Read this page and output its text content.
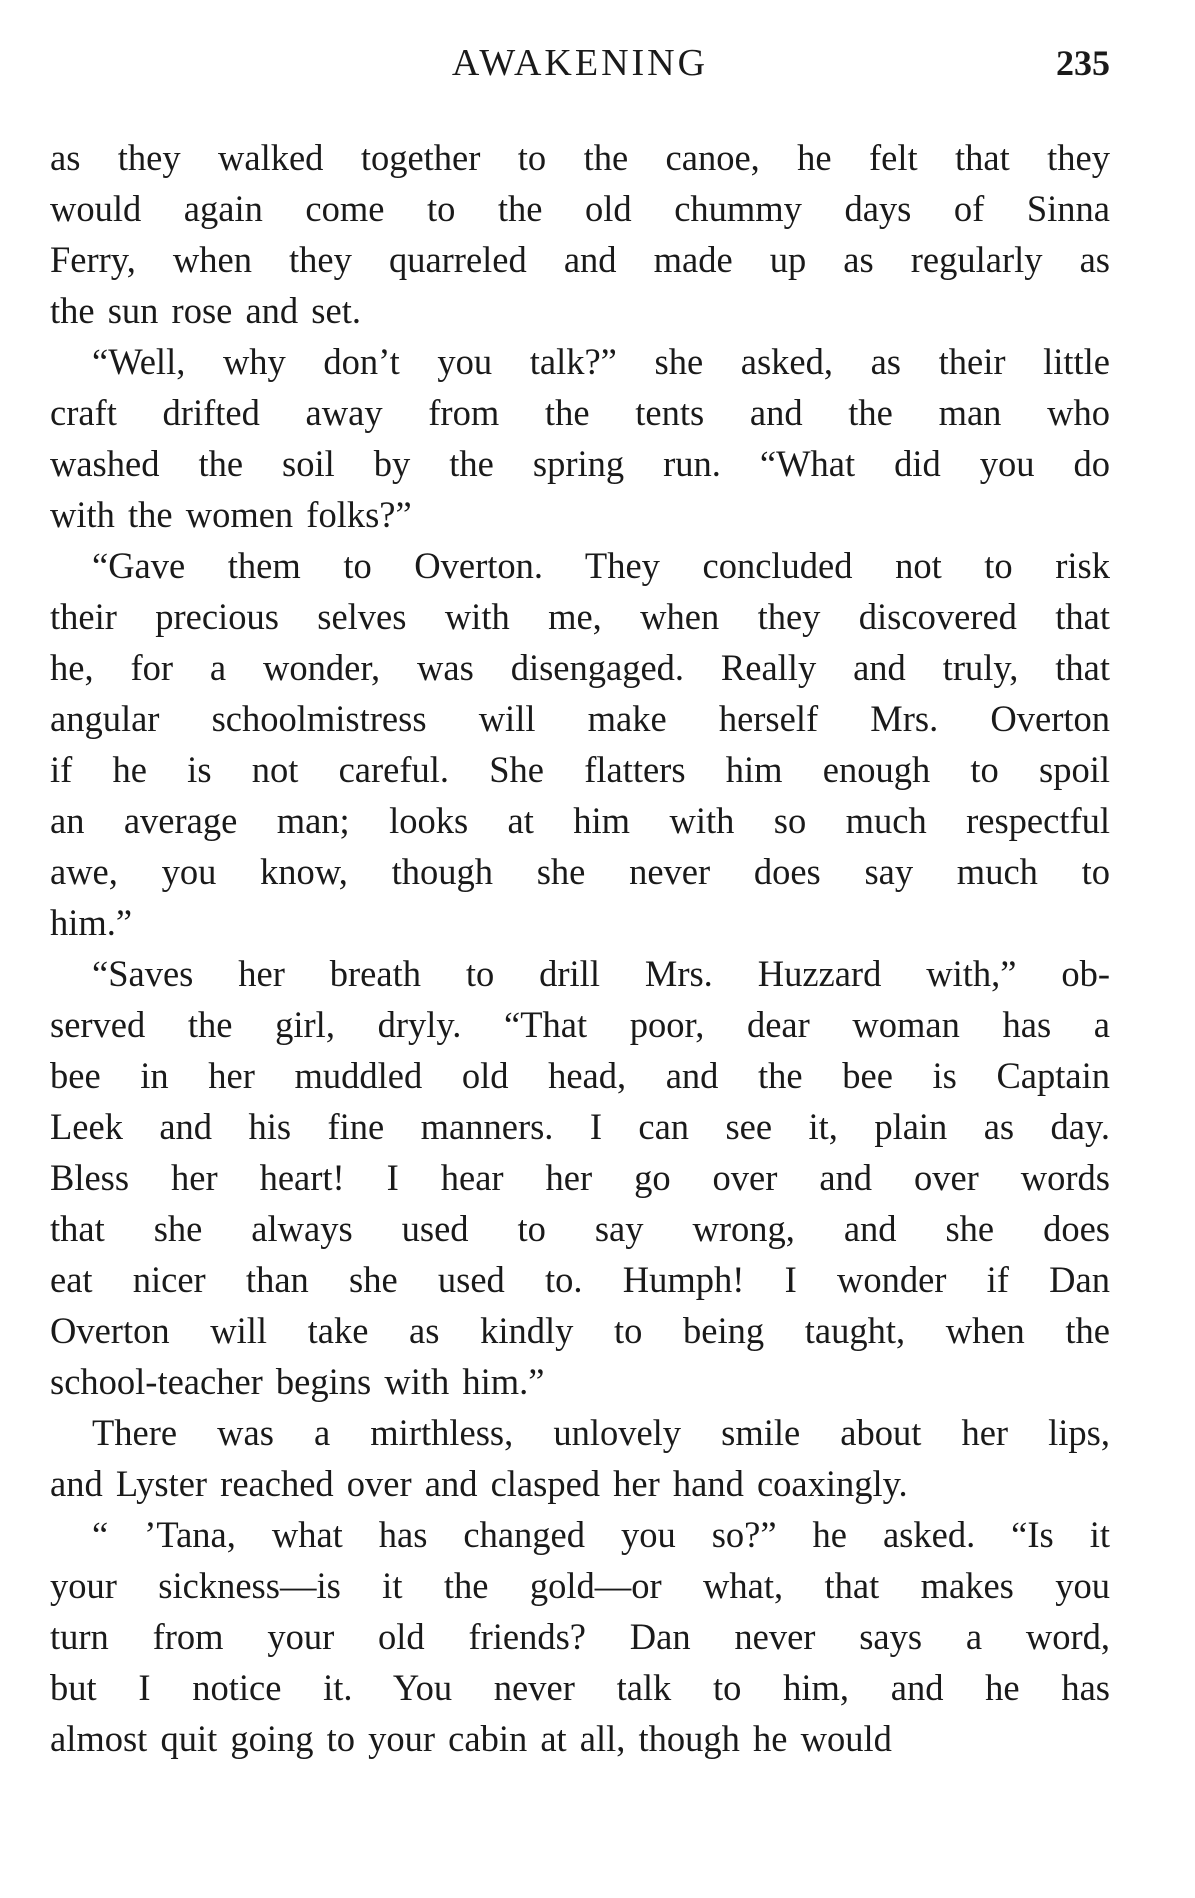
AWAKENING	235
as they walked together to the canoe, he felt that they
would again come to the old chummy days of Sinna
Ferry, when they quarreled and made up as regularly as
the sun rose and set.
“Well, why don’t you talk?” she asked, as their little
craft drifted away from the tents and the man who
washed the soil by the spring run. “What did you do
with the women folks?”
“Gave them to Overton. They concluded not to risk
their precious selves with me, when they discovered that
he, for a wonder, was disengaged. Really and truly, that
angular schoolmistress will make herself Mrs. Overton
if he is not careful. She flatters him enough to spoil
an average man; looks at him with so much respectful
awe, you know, though she never does say much to
him.”
“Saves her breath to drill Mrs. Huzzard with,” ob-
served the girl, dryly. “That poor, dear woman has a
bee in her muddled old head, and the bee is Captain
Leek and his fine manners. I can see it, plain as day.
Bless her heart! I hear her go over and over words
that she always used to say wrong, and she does
eat nicer than she used to. Humph! I wonder if Dan
Overton will take as kindly to being taught, when the
school-teacher begins with him.”
There was a mirthless, unlovely smile about her lips,
and Lyster reached over and clasped her hand coaxingly.
“ ’Tana, what has changed you so?” he asked. “Is it
your sickness—is it the gold—or what, that makes you
turn from your old friends? Dan never says a word,
but I notice it. You never talk to him, and he has
almost quit going to your cabin at all, though he would
